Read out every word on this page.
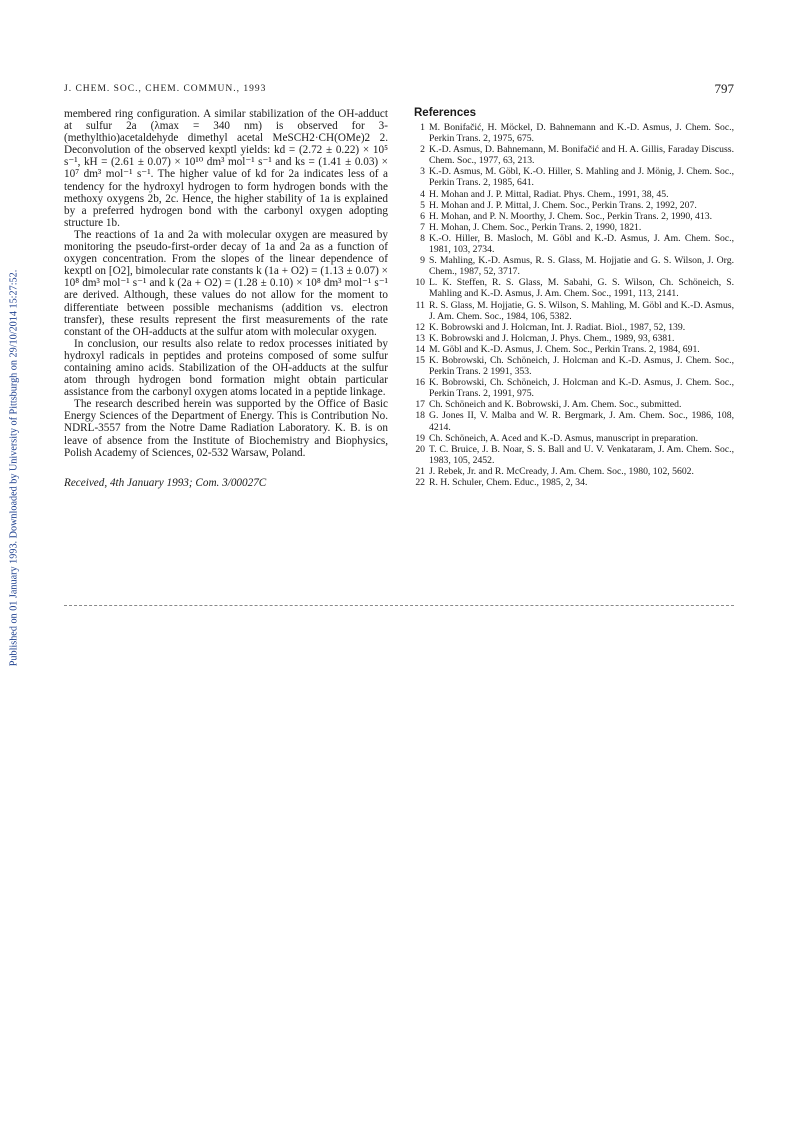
Published on 01 January 1993. Downloaded by University of Pittsburgh on 29/10/2014 15:27:52.
J. CHEM. SOC., CHEM. COMMUN., 1993	797

membered ring configuration. A similar stabilization of the OH-adduct at sulfur 2a (λmax = 340 nm) is observed for 3-(methylthio)acetaldehyde dimethyl acetal MeSCH2·CH(OMe)2 2. Deconvolution of the observed kexptl yields: kd = (2.72 ± 0.22) × 10⁵ s⁻¹, kH = (2.61 ± 0.07) × 10¹⁰ dm³ mol⁻¹ s⁻¹ and ks = (1.41 ± 0.03) × 10⁷ dm³ mol⁻¹ s⁻¹. The higher value of kd for 2a indicates less of a tendency for the hydroxyl hydrogen to form hydrogen bonds with the methoxy oxygens 2b, 2c. Hence, the higher stability of 1a is explained by a preferred hydrogen bond with the carbonyl oxygen adopting structure 1b.

The reactions of 1a and 2a with molecular oxygen are measured by monitoring the pseudo-first-order decay of 1a and 2a as a function of oxygen concentration. From the slopes of the linear dependence of kexptl on [O2], bimolecular rate constants k (1a + O2) = (1.13 ± 0.07) × 10⁸ dm³ mol⁻¹ s⁻¹ and k (2a + O2) = (1.28 ± 0.10) × 10⁸ dm³ mol⁻¹ s⁻¹ are derived. Although, these values do not allow for the moment to differentiate between possible mechanisms (addition vs. electron transfer), these results represent the first measurements of the rate constant of the OH-adducts at the sulfur atom with molecular oxygen.

In conclusion, our results also relate to redox processes initiated by hydroxyl radicals in peptides and proteins composed of some sulfur containing amino acids. Stabilization of the OH-adducts at the sulfur atom through hydrogen bond formation might obtain particular assistance from the carbonyl oxygen atoms located in a peptide linkage.

The research described herein was supported by the Office of Basic Energy Sciences of the Department of Energy. This is Contribution No. NDRL-3557 from the Notre Dame Radiation Laboratory. K. B. is on leave of absence from the Institute of Biochemistry and Biophysics, Polish Academy of Sciences, 02-532 Warsaw, Poland.

Received, 4th January 1993; Com. 3/00027C

References
1 M. Bonifačić, H. Möckel, D. Bahnemann and K.-D. Asmus, J. Chem. Soc., Perkin Trans. 2, 1975, 675.
2 K.-D. Asmus, D. Bahnemann, M. Bonifačić and H. A. Gillis, Faraday Discuss. Chem. Soc., 1977, 63, 213.
3 K.-D. Asmus, M. Göbl, K.-O. Hiller, S. Mahling and J. Mönig, J. Chem. Soc., Perkin Trans. 2, 1985, 641.
4 H. Mohan and J. P. Mittal, Radiat. Phys. Chem., 1991, 38, 45.
5 H. Mohan and J. P. Mittal, J. Chem. Soc., Perkin Trans. 2, 1992, 207.
6 H. Mohan, and P. N. Moorthy, J. Chem. Soc., Perkin Trans. 2, 1990, 413.
7 H. Mohan, J. Chem. Soc., Perkin Trans. 2, 1990, 1821.
8 K.-O. Hiller, B. Masloch, M. Göbl and K.-D. Asmus, J. Am. Chem. Soc., 1981, 103, 2734.
9 S. Mahling, K.-D. Asmus, R. S. Glass, M. Hojjatie and G. S. Wilson, J. Org. Chem., 1987, 52, 3717.
10 L. K. Steffen, R. S. Glass, M. Sabahi, G. S. Wilson, Ch. Schöneich, S. Mahling and K.-D. Asmus, J. Am. Chem. Soc., 1991, 113, 2141.
11 R. S. Glass, M. Hojjatie, G. S. Wilson, S. Mahling, M. Göbl and K.-D. Asmus, J. Am. Chem. Soc., 1984, 106, 5382.
12 K. Bobrowski and J. Holcman, Int. J. Radiat. Biol., 1987, 52, 139.
13 K. Bobrowski and J. Holcman, J. Phys. Chem., 1989, 93, 6381.
14 M. Göbl and K.-D. Asmus, J. Chem. Soc., Perkin Trans. 2, 1984, 691.
15 K. Bobrowski, Ch. Schöneich, J. Holcman and K.-D. Asmus, J. Chem. Soc., Perkin Trans. 2 1991, 353.
16 K. Bobrowski, Ch. Schöneich, J. Holcman and K.-D. Asmus, J. Chem. Soc., Perkin Trans. 2, 1991, 975.
17 Ch. Schöneich and K. Bobrowski, J. Am. Chem. Soc., submitted.
18 G. Jones II, V. Malba and W. R. Bergmark, J. Am. Chem. Soc., 1986, 108, 4214.
19 Ch. Schöneich, A. Aced and K.-D. Asmus, manuscript in preparation.
20 T. C. Bruice, J. B. Noar, S. S. Ball and U. V. Venkataram, J. Am. Chem. Soc., 1983, 105, 2452.
21 J. Rebek, Jr. and R. McCready, J. Am. Chem. Soc., 1980, 102, 5602.
22 R. H. Schuler, Chem. Educ., 1985, 2, 34.
